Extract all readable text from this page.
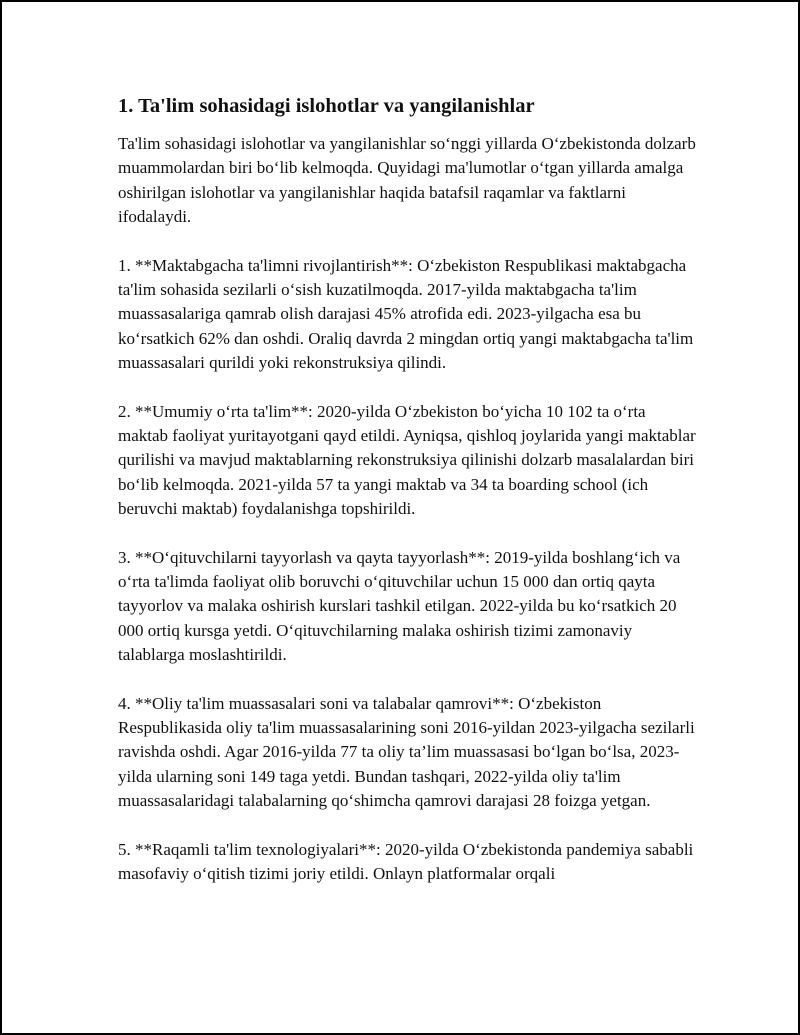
1. Ta'lim sohasidagi islohotlar va yangilanishlar

Ta'lim sohasidagi islohotlar va yangilanishlar so‘nggi yillarda O‘zbekistonda dolzarb muammolardan biri bo‘lib kelmoqda. Quyidagi ma'lumotlar o‘tgan yillarda amalga oshirilgan islohotlar va yangilanishlar haqida batafsil raqamlar va faktlarni ifodalaydi.

1. **Maktabgacha ta'limni rivojlantirish**: O‘zbekiston Respublikasi maktabgacha ta'lim sohasida sezilarli o‘sish kuzatilmoqda. 2017-yilda maktabgacha ta'lim muassasalariga qamrab olish darajasi 45% atrofida edi. 2023-yilgacha esa bu ko‘rsatkich 62% dan oshdi. Oraliq davrda 2 mingdan ortiq yangi maktabgacha ta'lim muassasalari qurildi yoki rekonstruksiya qilindi.

2. **Umumiy o‘rta ta'lim**: 2020-yilda O‘zbekiston bo‘yicha 10 102 ta o‘rta maktab faoliyat yuritayotgani qayd etildi. Ayniqsa, qishloq joylarida yangi maktablar qurilishi va mavjud maktablarning rekonstruksiya qilinishi dolzarb masalalardan biri bo‘lib kelmoqda. 2021-yilda 57 ta yangi maktab va 34 ta boarding school (ich beruvchi maktab) foydalanishga topshirildi.

3. **O‘qituvchilarni tayyorlash va qayta tayyorlash**: 2019-yilda boshlang‘ich va o‘rta ta'limda faoliyat olib boruvchi o‘qituvchilar uchun 15 000 dan ortiq qayta tayyorlov va malaka oshirish kurslari tashkil etilgan. 2022-yilda bu ko‘rsatkich 20 000 ortiq kursga yetdi. O‘qituvchilarning malaka oshirish tizimi zamonaviy talablarga moslashtirildi.

4. **Oliy ta'lim muassasalari soni va talabalar qamrovi**: O‘zbekiston Respublikasida oliy ta'lim muassasalarining soni 2016-yildan 2023-yilgacha sezilarli ravishda oshdi. Agar 2016-yilda 77 ta oliy ta’lim muassasasi bo‘lgan bo‘lsa, 2023-yilda ularning soni 149 taga yetdi. Bundan tashqari, 2022-yilda oliy ta'lim muassasalaridagi talabalarning qo‘shimcha qamrovi darajasi 28 foizga yetgan.

5. **Raqamli ta'lim texnologiyalari**: 2020-yilda O‘zbekistonda pandemiya sababli masofaviy o‘qitish tizimi joriy etildi. Onlayn platformalar orqali
